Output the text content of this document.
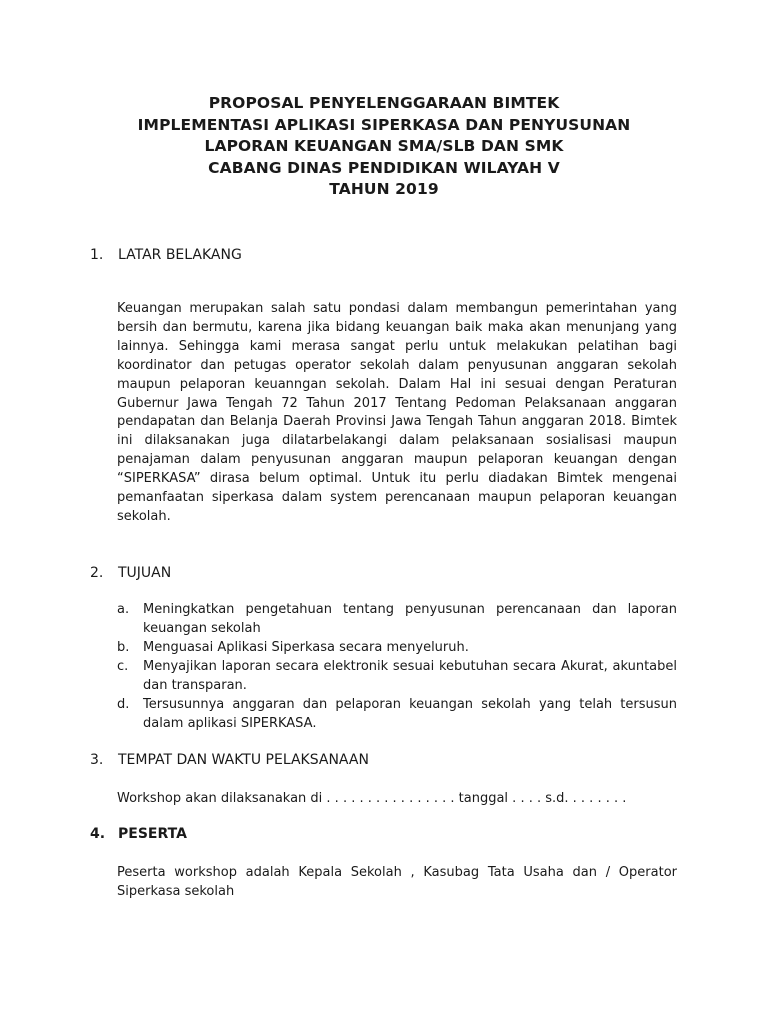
PROPOSAL PENYELENGGARAAN BIMTEK
IMPLEMENTASI APLIKASI SIPERKASA DAN PENYUSUNAN
LAPORAN KEUANGAN SMA/SLB DAN SMK
CABANG DINAS PENDIDIKAN WILAYAH V
TAHUN 2019
1. LATAR BELAKANG
Keuangan merupakan salah satu pondasi dalam membangun pemerintahan yang
bersih dan bermutu, karena jika bidang keuangan baik maka akan menunjang yang
lainnya. Sehingga kami merasa sangat perlu untuk melakukan pelatihan bagi
koordinator dan petugas operator sekolah dalam penyusunan anggaran sekolah
maupun pelaporan keuanngan sekolah. Dalam Hal ini sesuai dengan Peraturan
Gubernur Jawa Tengah 72 Tahun 2017 Tentang Pedoman Pelaksanaan anggaran
pendapatan dan Belanja Daerah Provinsi Jawa Tengah Tahun anggaran 2018. Bimtek
ini dilaksanakan juga dilatarbelakangi dalam pelaksanaan sosialisasi maupun
penajaman dalam penyusunan anggaran maupun pelaporan keuangan dengan
“SIPERKASA” dirasa belum optimal. Untuk itu perlu diadakan Bimtek mengenai
pemanfaatan siperkasa dalam system perencanaan maupun pelaporan keuangan
sekolah.
2. TUJUAN
a. Meningkatkan pengetahuan tentang penyusunan perencanaan dan laporan
keuangan sekolah
b. Menguasai Aplikasi Siperkasa secara menyeluruh.
c. Menyajikan laporan secara elektronik sesuai kebutuhan secara Akurat, akuntabel
dan transparan.
d. Tersusunnya anggaran dan pelaporan keuangan sekolah yang telah tersusun
dalam aplikasi SIPERKASA.
3. TEMPAT DAN WAKTU PELAKSANAAN
Workshop akan dilaksanakan di . . . . . . . . . . . . . . . . tanggal . . . . s.d. . . . . . . .
4. PESERTA
Peserta workshop adalah Kepala Sekolah , Kasubag Tata Usaha dan / Operator
Siperkasa sekolah
